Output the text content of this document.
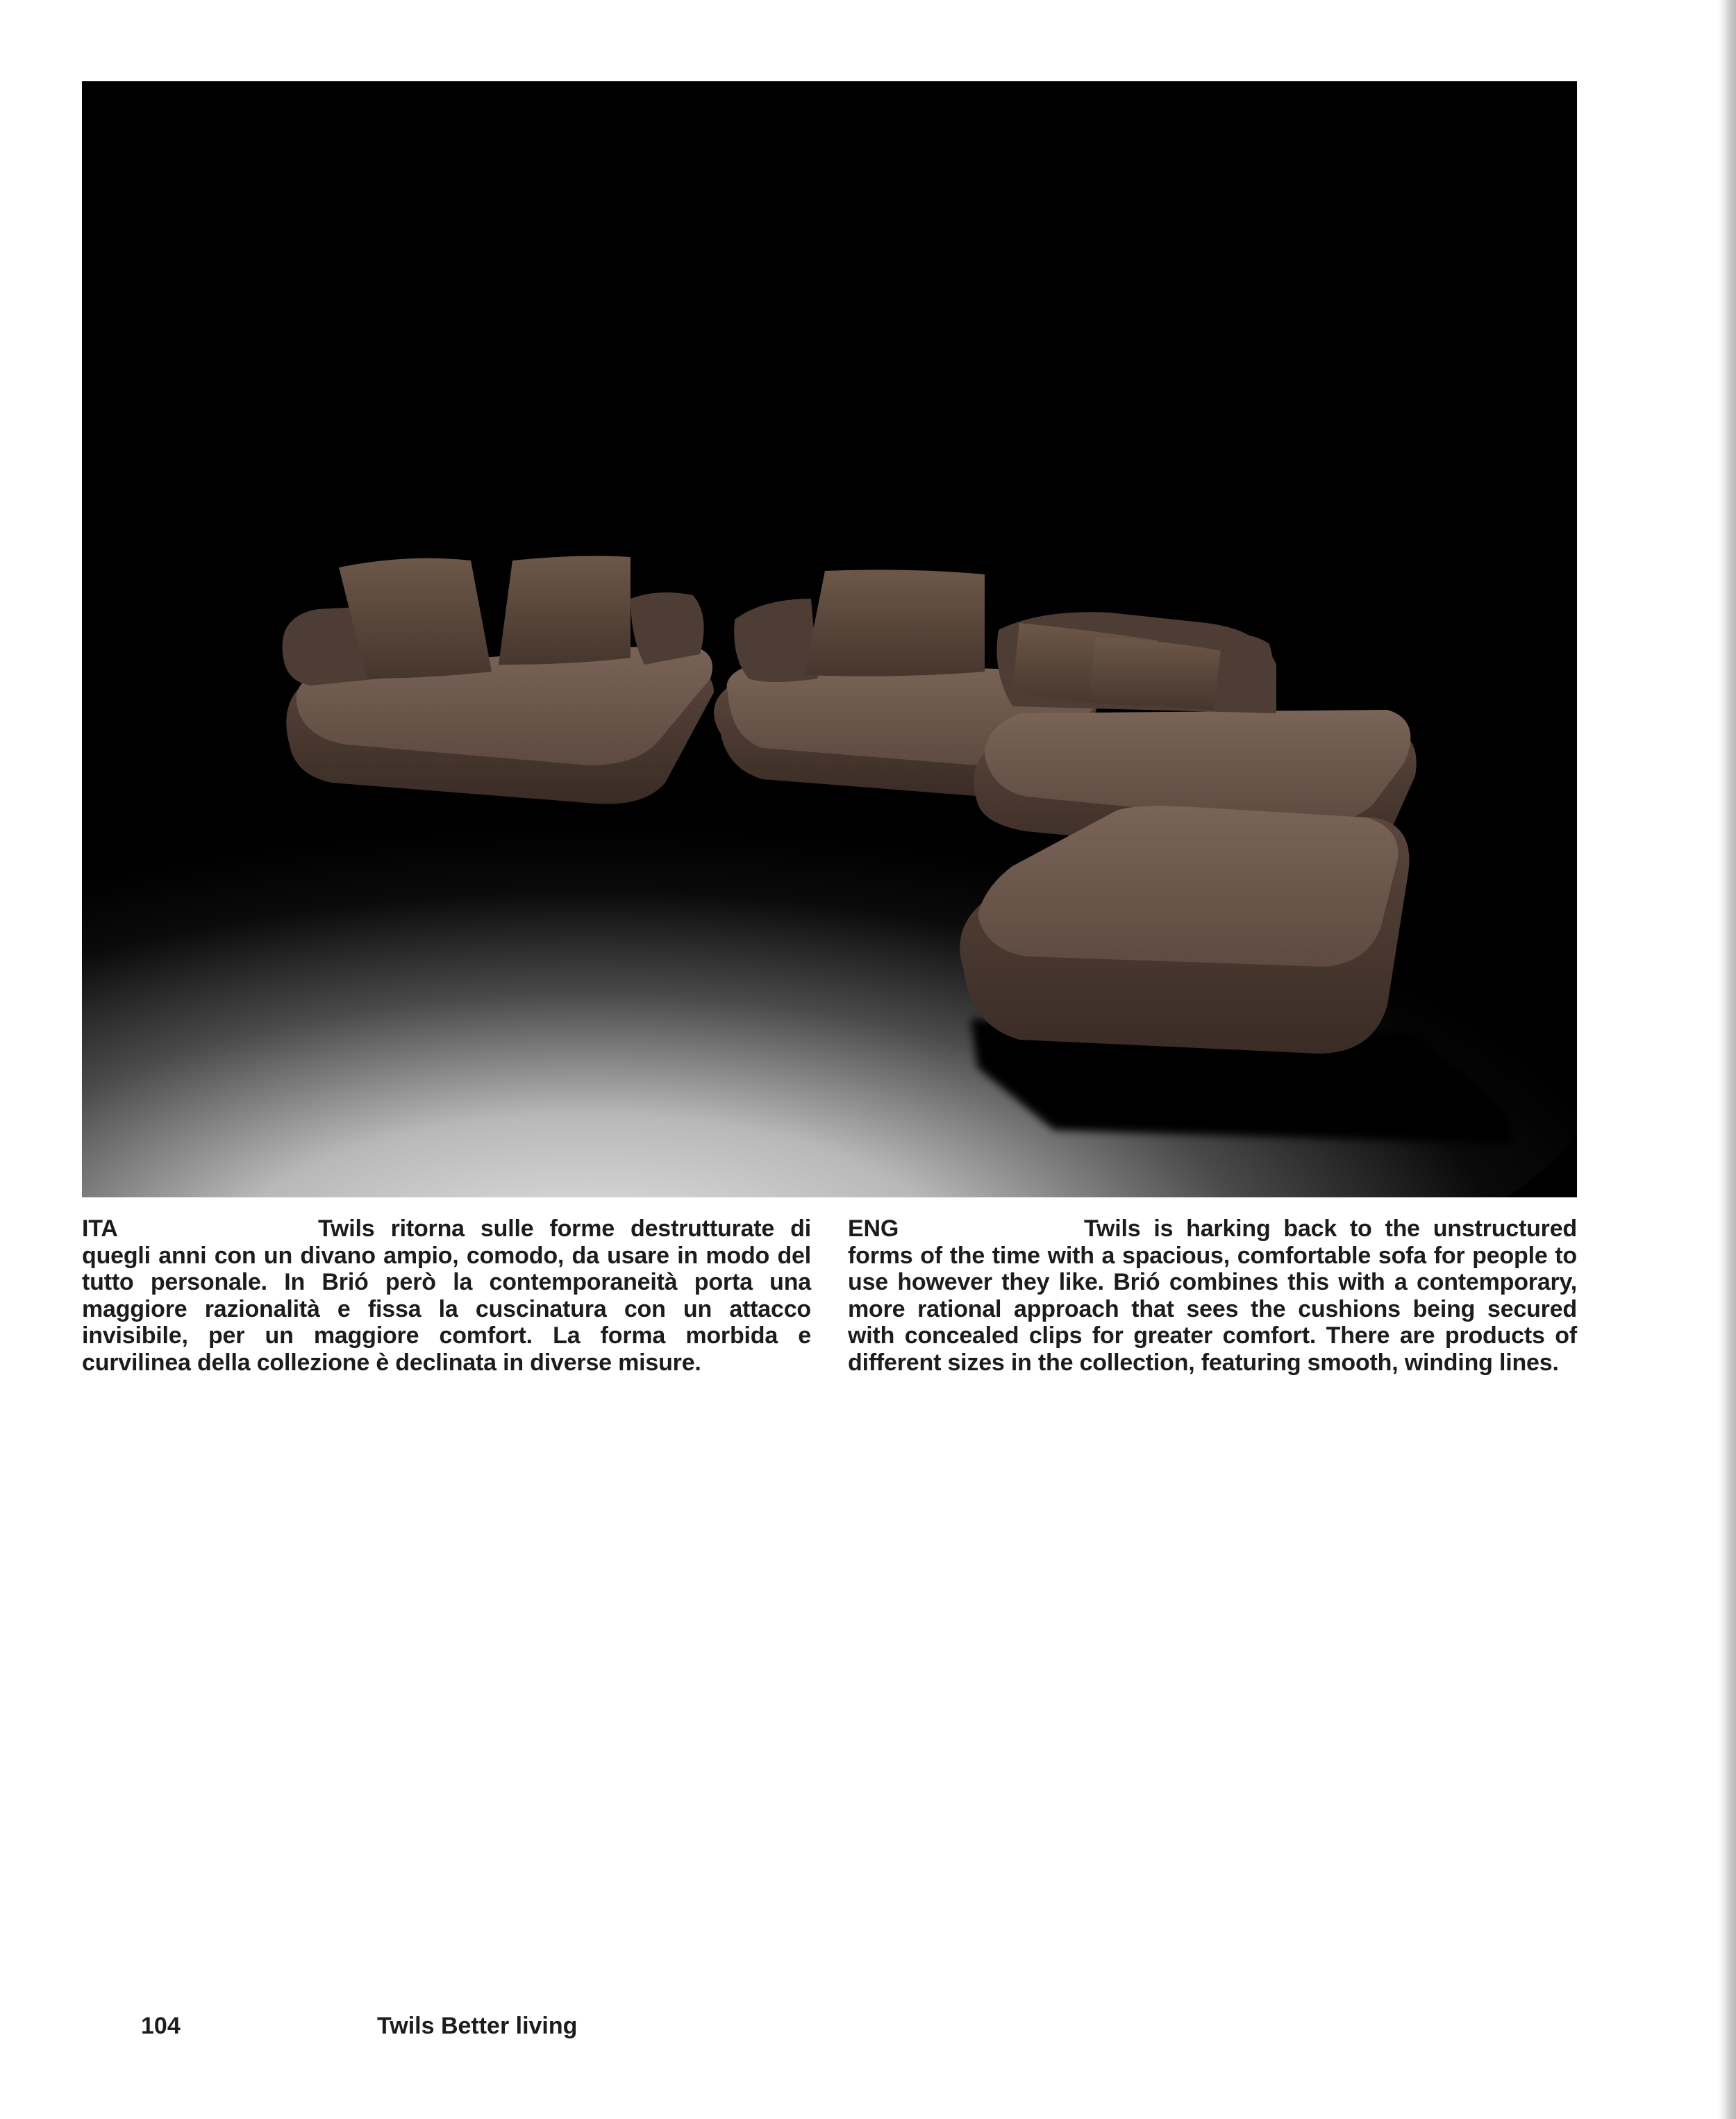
ITA	Twils ritorna sulle forme destrutturate di quegli anni con un divano ampio, comodo, da usare in modo del tutto personale. In Brió però la contemporaneità porta una maggiore razionalità e fissa la cuscinatura con un attacco invisibile, per un maggiore comfort. La forma morbida e curvilinea della collezione è declinata in diverse misure.
ENG	Twils is harking back to the unstructured forms of the time with a spacious, comfortable sofa for people to use however they like. Brió combines this with a contemporary, more rational approach that sees the cushions being secured with concealed clips for greater comfort. There are products of different sizes in the collection, featuring smooth, winding lines.
104	Twils Better living
